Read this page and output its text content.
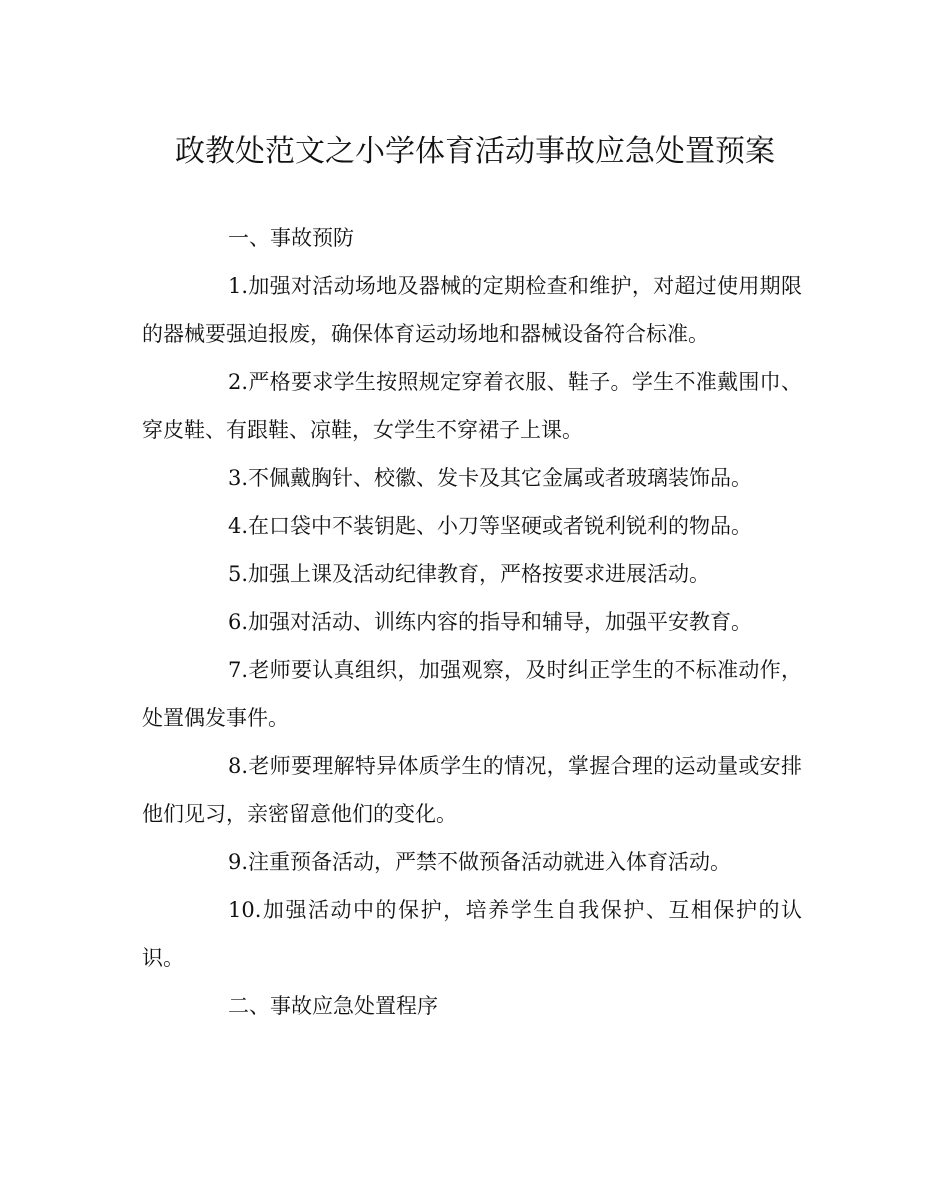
政教处范文之小学体育活动事故应急处置预案

一、事故预防

1.加强对活动场地及器械的定期检查和维护，对超过使用期限的器械要强迫报废，确保体育运动场地和器械设备符合标准。

2.严格要求学生按照规定穿着衣服、鞋子。学生不准戴围巾、穿皮鞋、有跟鞋、凉鞋，女学生不穿裙子上课。

3.不佩戴胸针、校徽、发卡及其它金属或者玻璃装饰品。

4.在口袋中不装钥匙、小刀等坚硬或者锐利锐利的物品。

5.加强上课及活动纪律教育，严格按要求进展活动。

6.加强对活动、训练内容的指导和辅导，加强平安教育。

7.老师要认真组织，加强观察，及时纠正学生的不标准动作，处置偶发事件。

8.老师要理解特异体质学生的情况，掌握合理的运动量或安排他们见习，亲密留意他们的变化。

9.注重预备活动，严禁不做预备活动就进入体育活动。

10.加强活动中的保护，培养学生自我保护、互相保护的认识。

二、事故应急处置程序
